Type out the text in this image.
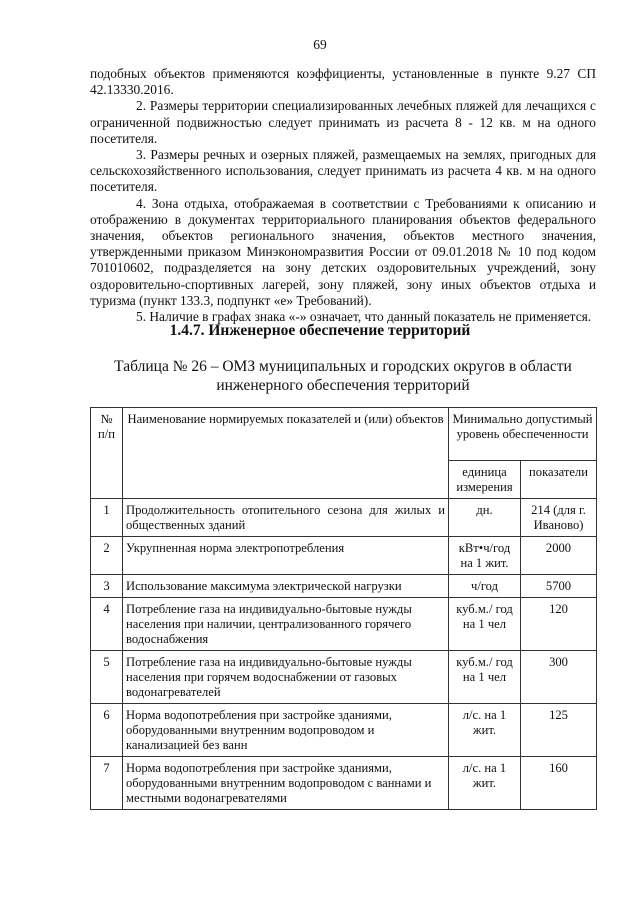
69

подобных объектов применяются коэффициенты, установленные в пункте 9.27 СП 42.13330.2016.

2. Размеры территории специализированных лечебных пляжей для лечащихся с ограниченной подвижностью следует принимать из расчета 8 - 12 кв. м на одного посетителя.

3. Размеры речных и озерных пляжей, размещаемых на землях, пригодных для сельскохозяйственного использования, следует принимать из расчета 4 кв. м на одного посетителя.

4. Зона отдыха, отображаемая в соответствии с Требованиями к описанию и отображению в документах территориального планирования объектов федерального значения, объектов регионального значения, объектов местного значения, утвержденными приказом Минэкономразвития России от 09.01.2018 № 10 под кодом 701010602, подразделяется на зону детских оздоровительных учреждений, зону оздоровительно-спортивных лагерей, зону пляжей, зону иных объектов отдыха и туризма (пункт 133.3, подпункт «е» Требований).

5. Наличие в графах знака «-» означает, что данный показатель не применяется.

1.4.7. Инженерное обеспечение территорий
Таблица № 26 – ОМЗ муниципальных и городских округов в области
инженерного обеспечения территорий
№ п/п	Наименование нормируемых показателей и (или) объектов	Минимально допустимый уровень обеспеченности	
		единица измерения	показатели
1	Продолжительность отопительного сезона для жилых и общественных зданий	дн.	214 (для г. Иваново)
2	Укрупненная норма электропотребления	кВт•ч/год на 1 жит.	2000
3	Использование максимума электрической нагрузки	ч/год	5700
4	Потребление газа на индивидуально-бытовые нужды населения при наличии, централизованного горячего водоснабжения	куб.м./ год на 1 чел	120
5	Потребление газа на индивидуально-бытовые нужды населения при горячем водоснабжении от газовых водонагревателей	куб.м./ год на 1 чел	300
6	Норма водопотребления при застройке зданиями, оборудованными внутренним водопроводом и канализацией без ванн	л/с. на 1 жит.	125
7	Норма водопотребления при застройке зданиями, оборудованными внутренним водопроводом с ваннами и местными водонагревателями	л/с. на 1 жит.	160
